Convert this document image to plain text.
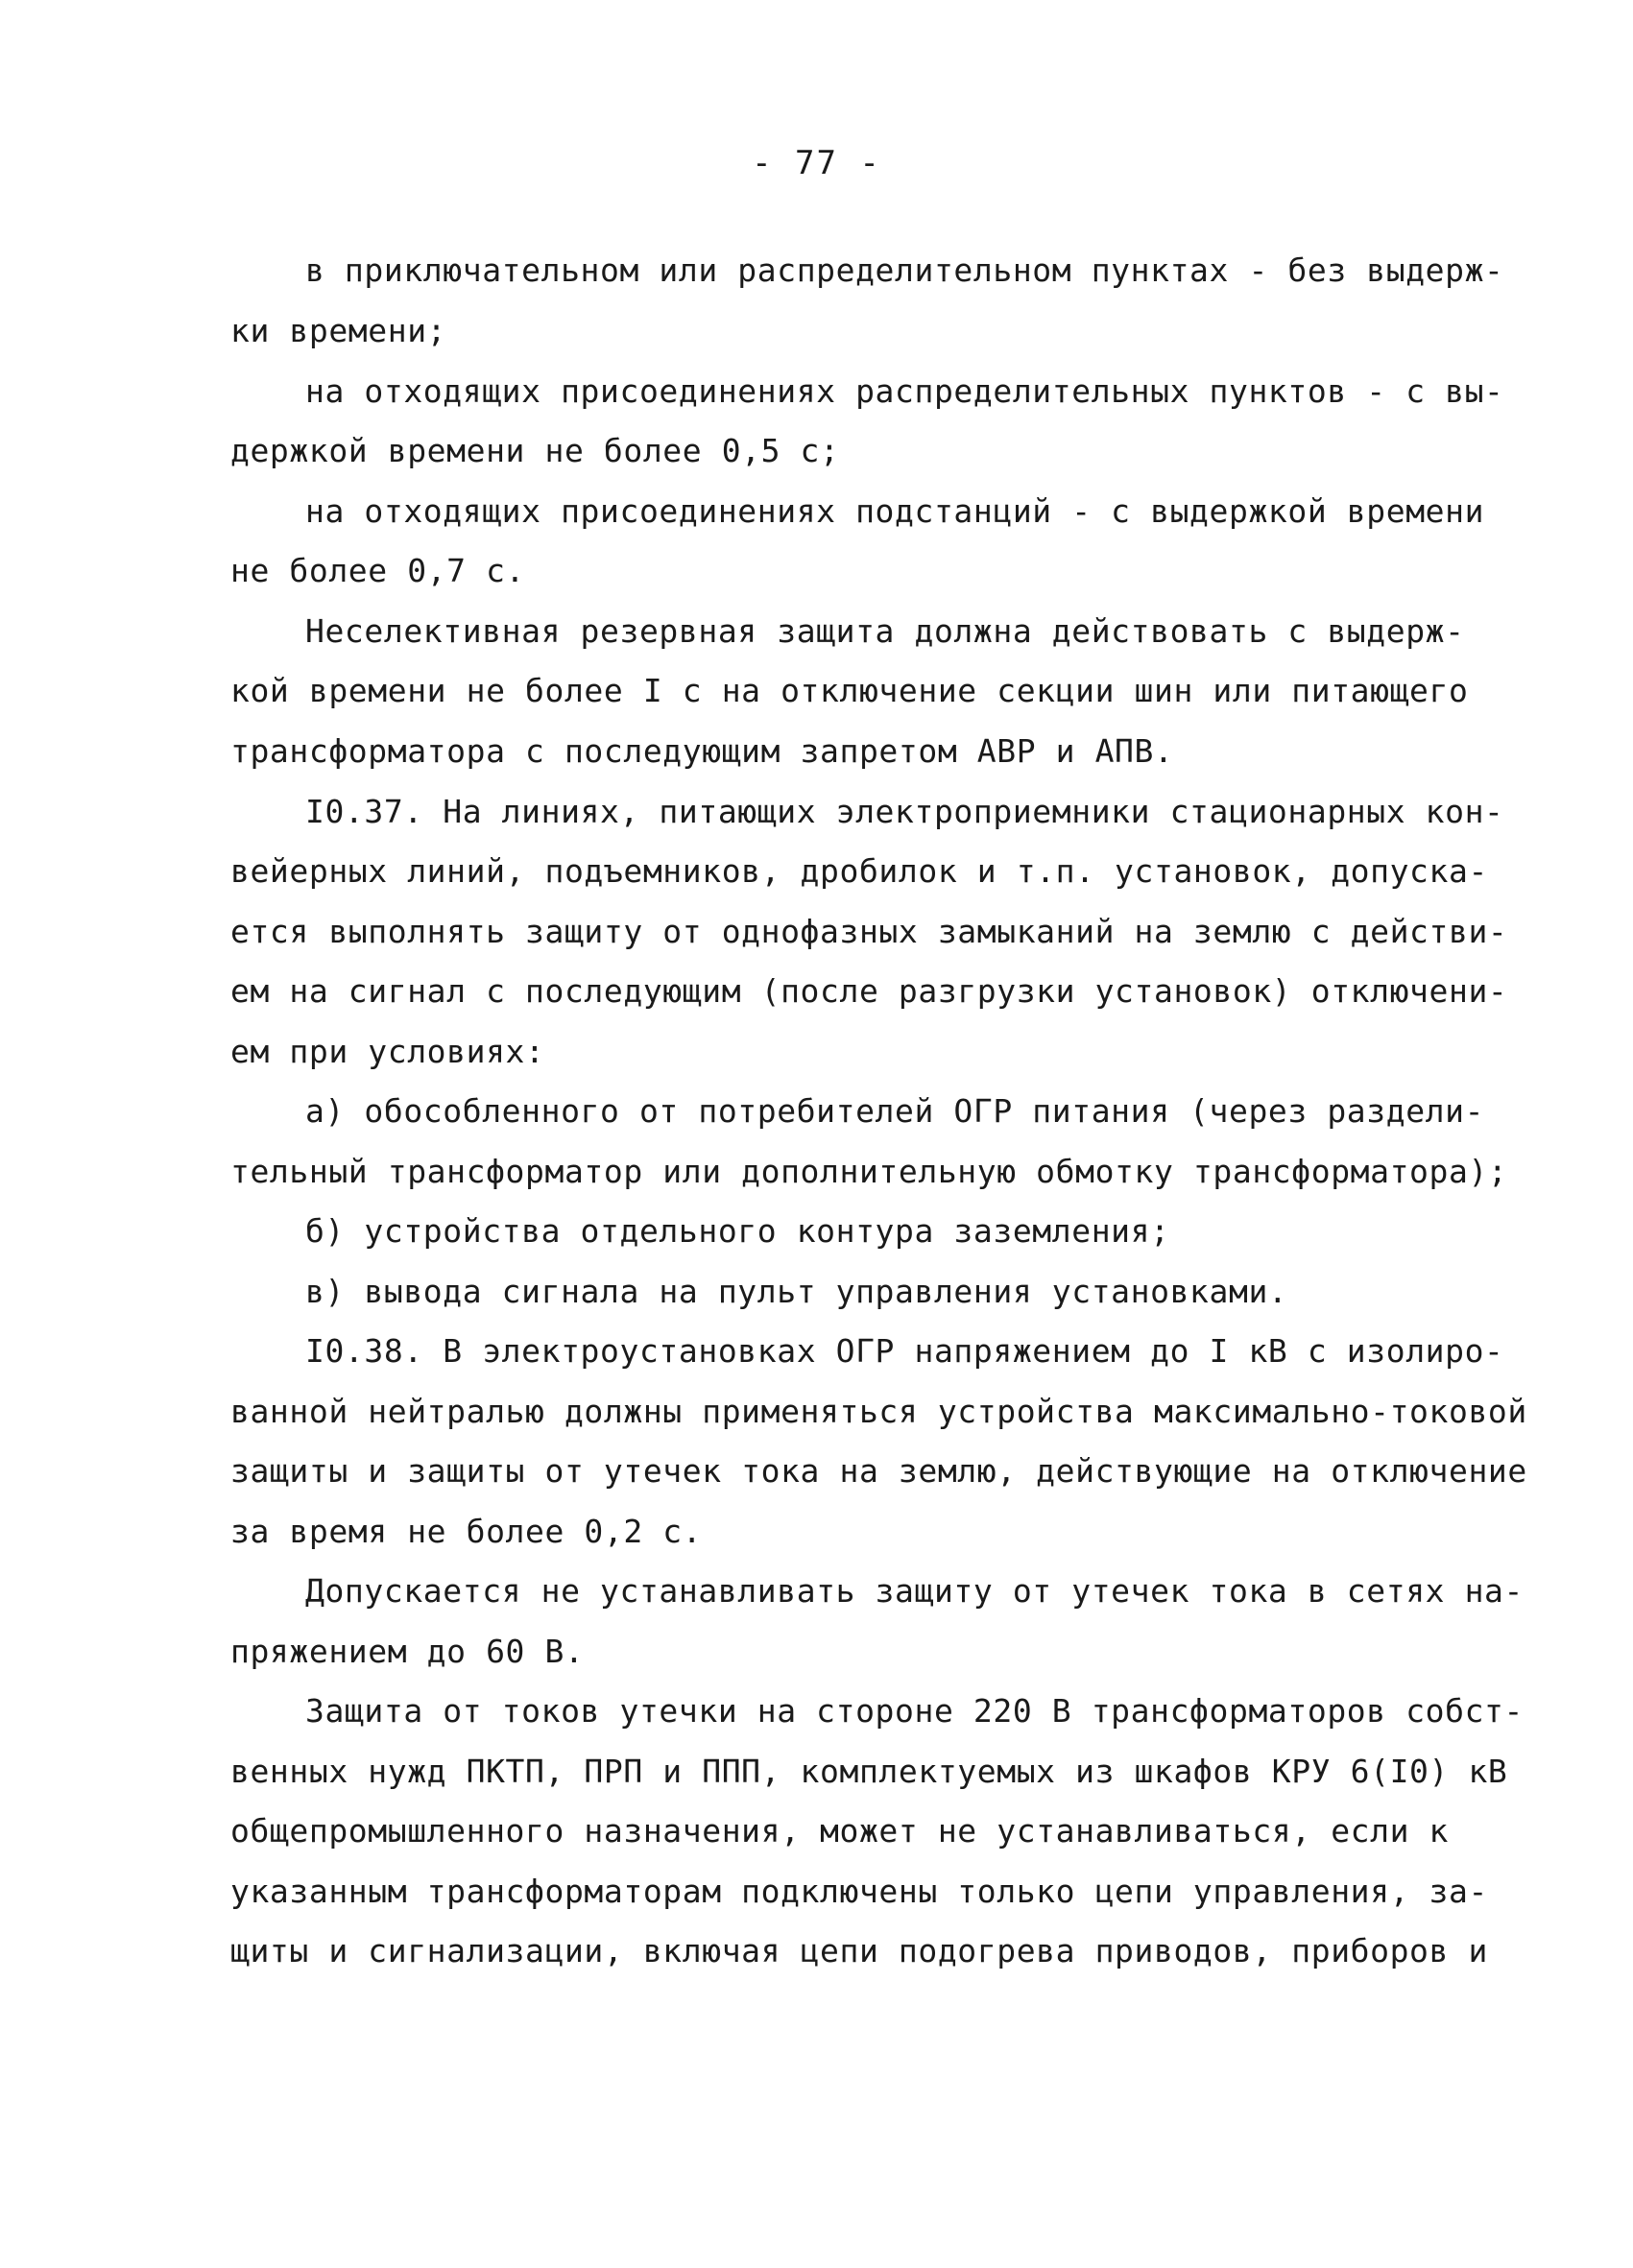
- 77 -
в приключательном или распределительном пунктах - без выдерж-
ки времени;
на отходящих присоединениях распределительных пунктов - с вы-
держкой времени не более 0,5 с;
на отходящих присоединениях подстанций - с выдержкой времени
не более 0,7 с.
Неселективная резервная защита должна действовать с выдерж-
кой времени не более I с на отключение секции шин или питающего
трансформатора с последующим запретом АВР и АПВ.
I0.37. На линиях, питающих электроприемники стационарных кон-
вейерных линий, подъемников, дробилок и т.п. установок, допуска-
ется выполнять защиту от однофазных замыканий на землю с действи-
ем на сигнал с последующим (после разгрузки установок) отключени-
ем при условиях:
а) обособленного от потребителей ОГР питания (через раздели-
тельный трансформатор или дополнительную обмотку трансформатора);
б) устройства отдельного контура заземления;
в) вывода сигнала на пульт управления установками.
I0.38. В электроустановках ОГР напряжением до I кВ с изолиро-
ванной нейтралью должны применяться устройства максимально-токовой
защиты и защиты от утечек тока на землю, действующие на отключение
за время не более 0,2 с.
Допускается не устанавливать защиту от утечек тока в сетях на-
пряжением до 60 В.
Защита от токов утечки на стороне 220 В трансформаторов собст-
венных нужд ПКТП, ПРП и ППП, комплектуемых из шкафов КРУ 6(I0) кВ
общепромышленного назначения, может не устанавливаться, если к
указанным трансформаторам подключены только цепи управления, за-
щиты и сигнализации, включая цепи подогрева приводов, приборов и
